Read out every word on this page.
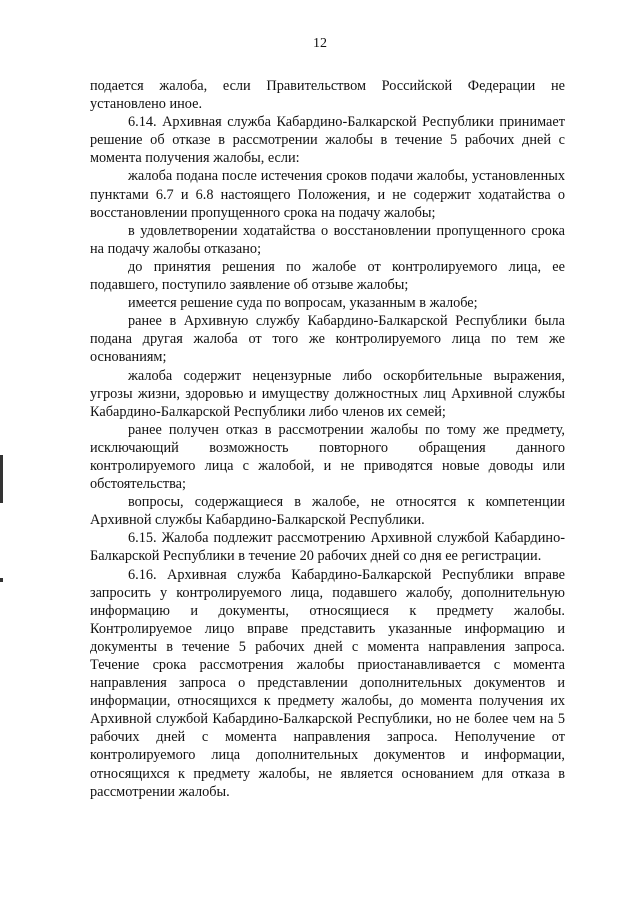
12

подается жалоба, если Правительством Российской Федерации не установлено иное.

6.14. Архивная служба Кабардино-Балкарской Республики принимает решение об отказе в рассмотрении жалобы в течение 5 рабочих дней с момента получения жалобы, если:

жалоба подана после истечения сроков подачи жалобы, установленных пунктами 6.7 и 6.8 настоящего Положения, и не содержит ходатайства о восстановлении пропущенного срока на подачу жалобы;

в удовлетворении ходатайства о восстановлении пропущенного срока на подачу жалобы отказано;

до принятия решения по жалобе от контролируемого лица, ее подавшего, поступило заявление об отзыве жалобы;

имеется решение суда по вопросам, указанным в жалобе;

ранее в Архивную службу Кабардино-Балкарской Республики была подана другая жалоба от того же контролируемого лица по тем же основаниям;

жалоба содержит нецензурные либо оскорбительные выражения, угрозы жизни, здоровью и имуществу должностных лиц Архивной службы Кабардино-Балкарской Республики либо членов их семей;

ранее получен отказ в рассмотрении жалобы по тому же предмету, исключающий возможность повторного обращения данного контролируемого лица с жалобой, и не приводятся новые доводы или обстоятельства;

вопросы, содержащиеся в жалобе, не относятся к компетенции Архивной службы Кабардино-Балкарской Республики.

6.15. Жалоба подлежит рассмотрению Архивной службой Кабардино-Балкарской Республики в течение 20 рабочих дней со дня ее регистрации.

6.16. Архивная служба Кабардино-Балкарской Республики вправе запросить у контролируемого лица, подавшего жалобу, дополнительную информацию и документы, относящиеся к предмету жалобы. Контролируемое лицо вправе представить указанные информацию и документы в течение 5 рабочих дней с момента направления запроса. Течение срока рассмотрения жалобы приостанавливается с момента направления запроса о представлении дополнительных документов и информации, относящихся к предмету жалобы, до момента получения их Архивной службой Кабардино-Балкарской Республики, но не более чем на 5 рабочих дней с момента направления запроса. Неполучение от контролируемого лица дополнительных документов и информации, относящихся к предмету жалобы, не является основанием для отказа в рассмотрении жалобы.
